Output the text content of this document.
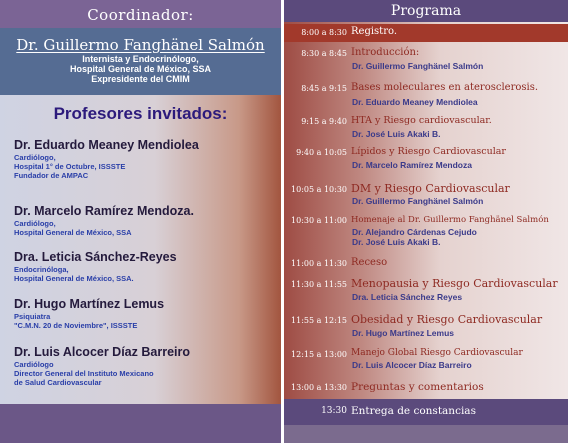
Coordinador:
Dr. Guillermo Fanghänel Salmón
Internista y Endocrinólogo,
Hospital General de México, SSA
Expresidente del CMIM
Profesores invitados:
Dr. Eduardo Meaney Mendiolea
Cardiólogo,
Hospital 1° de Octubre, ISSSTE
Fundador de AMPAC
Dr. Marcelo Ramírez Mendoza.
Cardiólogo,
Hospital General de México, SSA
Dra. Leticia Sánchez-Reyes
Endocrinóloga,
Hospital General de México, SSA.
Dr. Hugo Martínez Lemus
Psiquiatra
"C.M.N. 20 de Noviembre", ISSSTE
Dr. Luis Alcocer Díaz Barreiro
Cardiólogo
Director General del Instituto Mexicano
de Salud Cardiovascular
Programa
8:00 a 8:30 Registro.
8:30 a 8:45 Introducción:
Dr. Guillermo Fanghänel Salmón
8:45 a 9:15 Bases moleculares en aterosclerosis.
Dr. Eduardo Meaney Mendiolea
9:15 a 9:40 HTA y Riesgo cardiovascular.
Dr. José Luis Akaki B.
9:40 a 10:05 Lípidos y Riesgo Cardiovascular
Dr. Marcelo Ramírez Mendoza
10:05 a 10:30 DM y Riesgo Cardiovascular
Dr. Guillermo Fanghänel Salmón
10:30 a 11:00 Homenaje al Dr. Guillermo Fanghänel Salmón
Dr. Alejandro Cárdenas Cejudo
Dr. José Luis Akaki B.
11:00 a 11:30 Receso
11:30 a 11:55 Menopausia y Riesgo Cardiovascular
Dra. Leticia Sánchez Reyes
11:55 a 12:15 Obesidad y Riesgo Cardiovascular
Dr. Hugo Martínez Lemus
12:15 a 13:00 Manejo Global Riesgo Cardiovascular
Dr. Luis Alcocer Díaz Barreiro
13:00 a 13:30 Preguntas y comentarios
13:30 Entrega de constancias
